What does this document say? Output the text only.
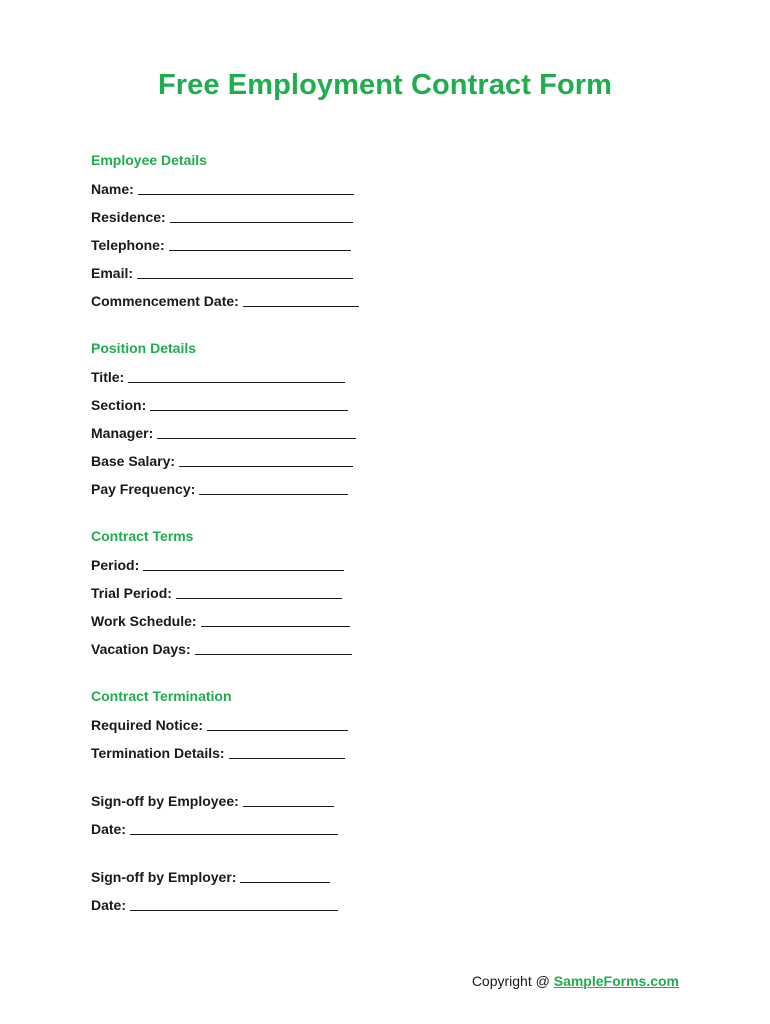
Free Employment Contract Form
Employee Details
Name:
Residence:
Telephone:
Email:
Commencement Date:
Position Details
Title:
Section:
Manager:
Base Salary:
Pay Frequency:
Contract Terms
Period:
Trial Period:
Work Schedule:
Vacation Days:
Contract Termination
Required Notice:
Termination Details:
Sign-off by Employee:
Date:
Sign-off by Employer:
Date:
Copyright @ SampleForms.com
